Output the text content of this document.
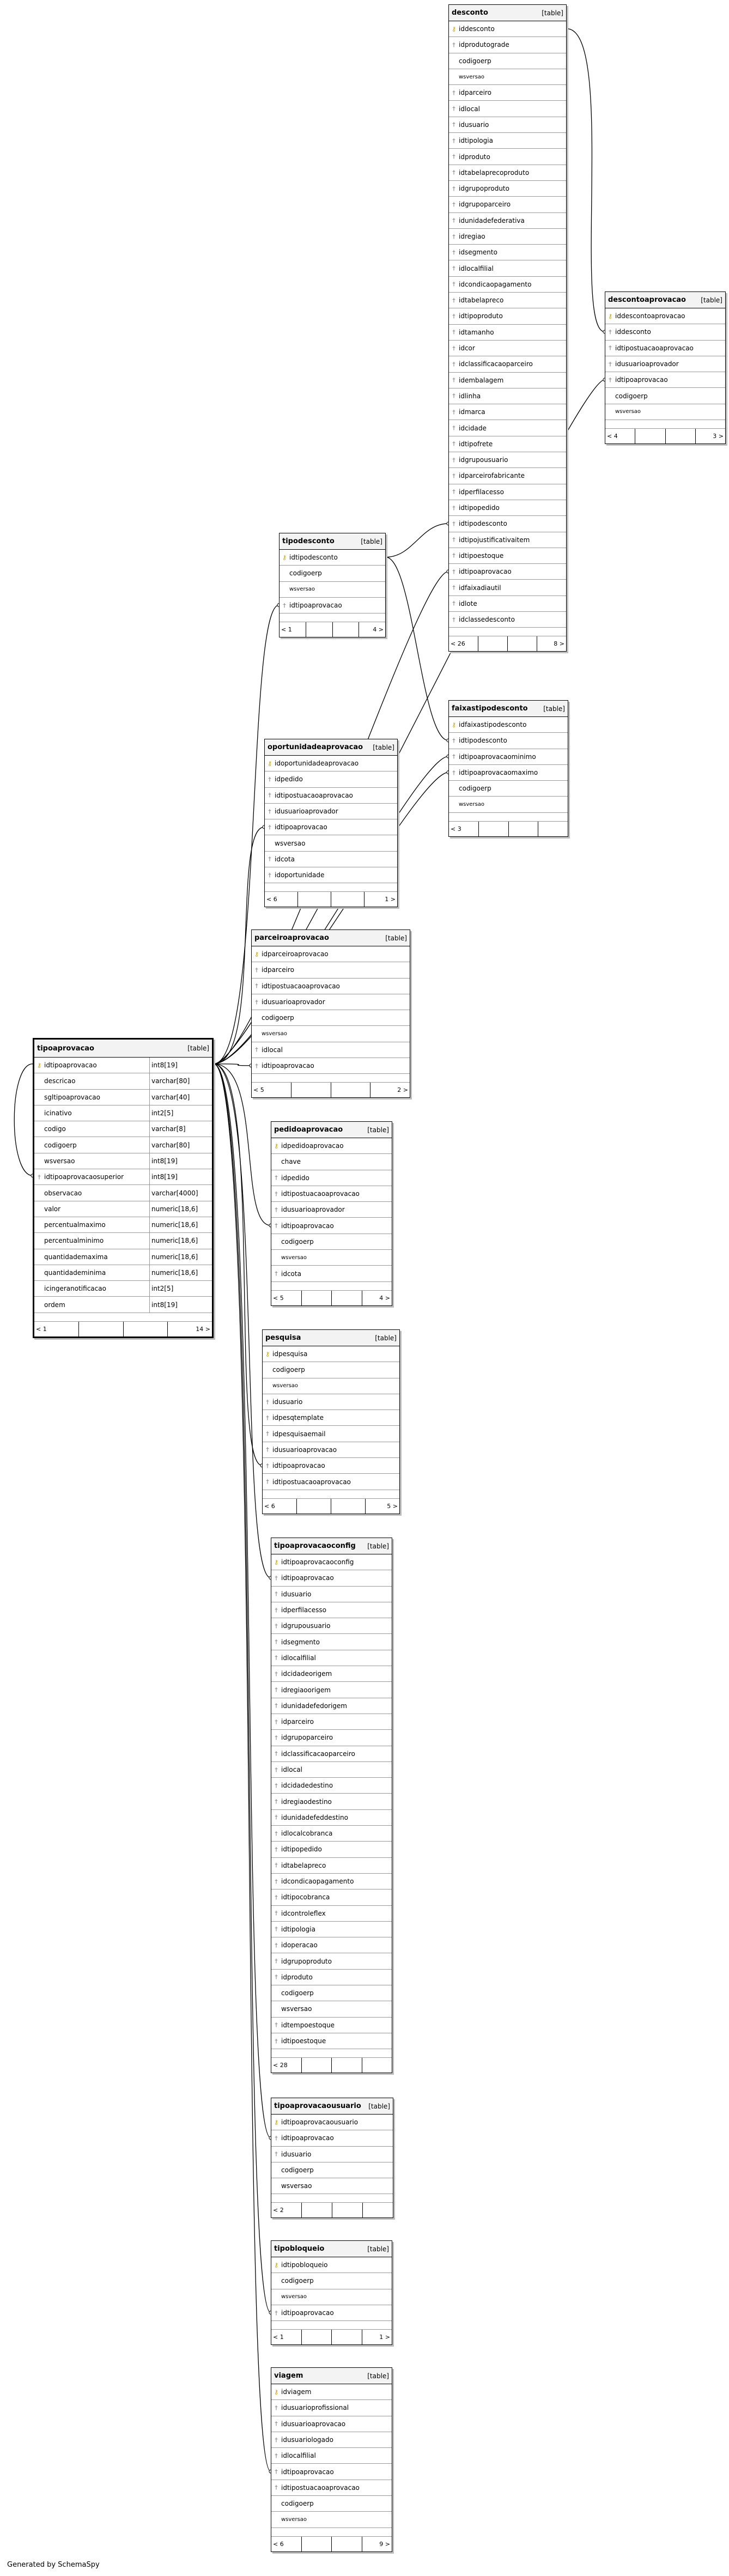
desconto	[table]
⚷ iddesconto
† idprodutograde
codigoerp
wsversao
† idparceiro
† idlocal
† idusuario
† idtipologia
† idproduto
† idtabelaprecoproduto
† idgrupoproduto
† idgrupoparceiro
† idunidadefederativa
† idregiao
† idsegmento
† idlocalfilial
† idcondicaopagamento
† idtabelapreco
† idtipoproduto
† idtamanho
† idcor
† idclassificacaoparceiro
† idembalagem
† idlinha
† idmarca
† idcidade
† idtipofrete
† idgrupousuario
† idparceirofabricante
† idperfilacesso
† idtipopedido
† idtipodesconto
† idtipojustificativaitem
† idtipoestoque
† idtipoaprovacao
† idfaixadiautil
† idlote
† idclassedesconto
< 26	8 >
descontoaprovacao [table]
⚷ iddescontoaprovacao
† iddesconto
† idtipostuacaoaprovacao
† idusuarioaprovador
† idtipoaprovacao
codigoerp
wsversao
< 4	3 >
tipodesconto	[table]
⚷ idtipodesconto
codigoerp
wsversao
† idtipoaprovacao
< 1	4 >
faixastipodesconto [table]
⚷ idfaixastipodesconto
† idtipodesconto
† idtipoaprovacaominimo
† idtipoaprovacaomaximo
codigoerp
wsversao
< 3
oportunidadeaprovacao [table]
⚷ idoportunidadeaprovacao
† idpedido
† idtipostuacaoaprovacao
† idusuarioaprovador
† idtipoaprovacao
wsversao
† idcota
† idoportunidade
< 6	1 >
parceiroaprovacao	[table]
⚷ idparceiroaprovacao
† idparceiro
† idtipostuacaoaprovacao
† idusuarioaprovador
codigoerp
wsversao
† idlocal
† idtipoaprovacao
< 5	2 >
tipoaprovacao	[table]
⚷ idtipoaprovacao	int8[19]
descricao	varchar[80]
sgltipoaprovacao	varchar[40]
icinativo	int2[5]
codigo	varchar[8]
codigoerp	varchar[80]
wsversao	int8[19]
† idtipoaprovacaosuperior	int8[19]
observacao	varchar[4000]
valor	numeric[18,6]
percentualmaximo	numeric[18,6]
percentualminimo	numeric[18,6]
quantidademaxima	numeric[18,6]
quantidademinima	numeric[18,6]
icingeranotificacao	int2[5]
ordem	int8[19]
< 1	14 >
pedidoaprovacao	[table]
⚷ idpedidoaprovacao
chave
† idpedido
† idtipostuacaoaprovacao
† idusuarioaprovador
† idtipoaprovacao
codigoerp
wsversao
† idcota
< 5	4 >
pesquisa	[table]
⚷ idpesquisa
codigoerp
wsversao
† idusuario
† idpesqtemplate
† idpesquisaemail
† idusuarioaprovacao
† idtipoaprovacao
† idtipostuacaoaprovacao
< 6	5 >
tipoaprovacaoconfig [table]
⚷ idtipoaprovacaoconfig
† idtipoaprovacao
† idusuario
† idperfilacesso
† idgrupousuario
† idsegmento
† idlocalfilial
† idcidadeorigem
† idregiaoorigem
† idunidadefedorigem
† idparceiro
† idgrupoparceiro
† idclassificacaoparceiro
† idlocal
† idcidadedestino
† idregiaodestino
† idunidadefeddestino
† idlocalcobranca
† idtipopedido
† idtabelapreco
† idcondicaopagamento
† idtipocobranca
† idcontroleflex
† idtipologia
† idoperacao
† idgrupoproduto
† idproduto
codigoerp
wsversao
† idtempoestoque
† idtipoestoque
< 28
tipoaprovacaousuario [table]
⚷ idtipoaprovacaousuario
† idtipoaprovacao
† idusuario
codigoerp
wsversao
< 2
tipobloqueio	[table]
⚷ idtipobloqueio
codigoerp
wsversao
† idtipoaprovacao
< 1	1 >
viagem	[table]
⚷ idviagem
† idusuarioprofissional
† idusuarioaprovacao
† idusuariologado
† idlocalfilial
† idtipoaprovacao
† idtipostuacaoaprovacao
codigoerp
wsversao
< 6	9 >
Generated by SchemaSpy
